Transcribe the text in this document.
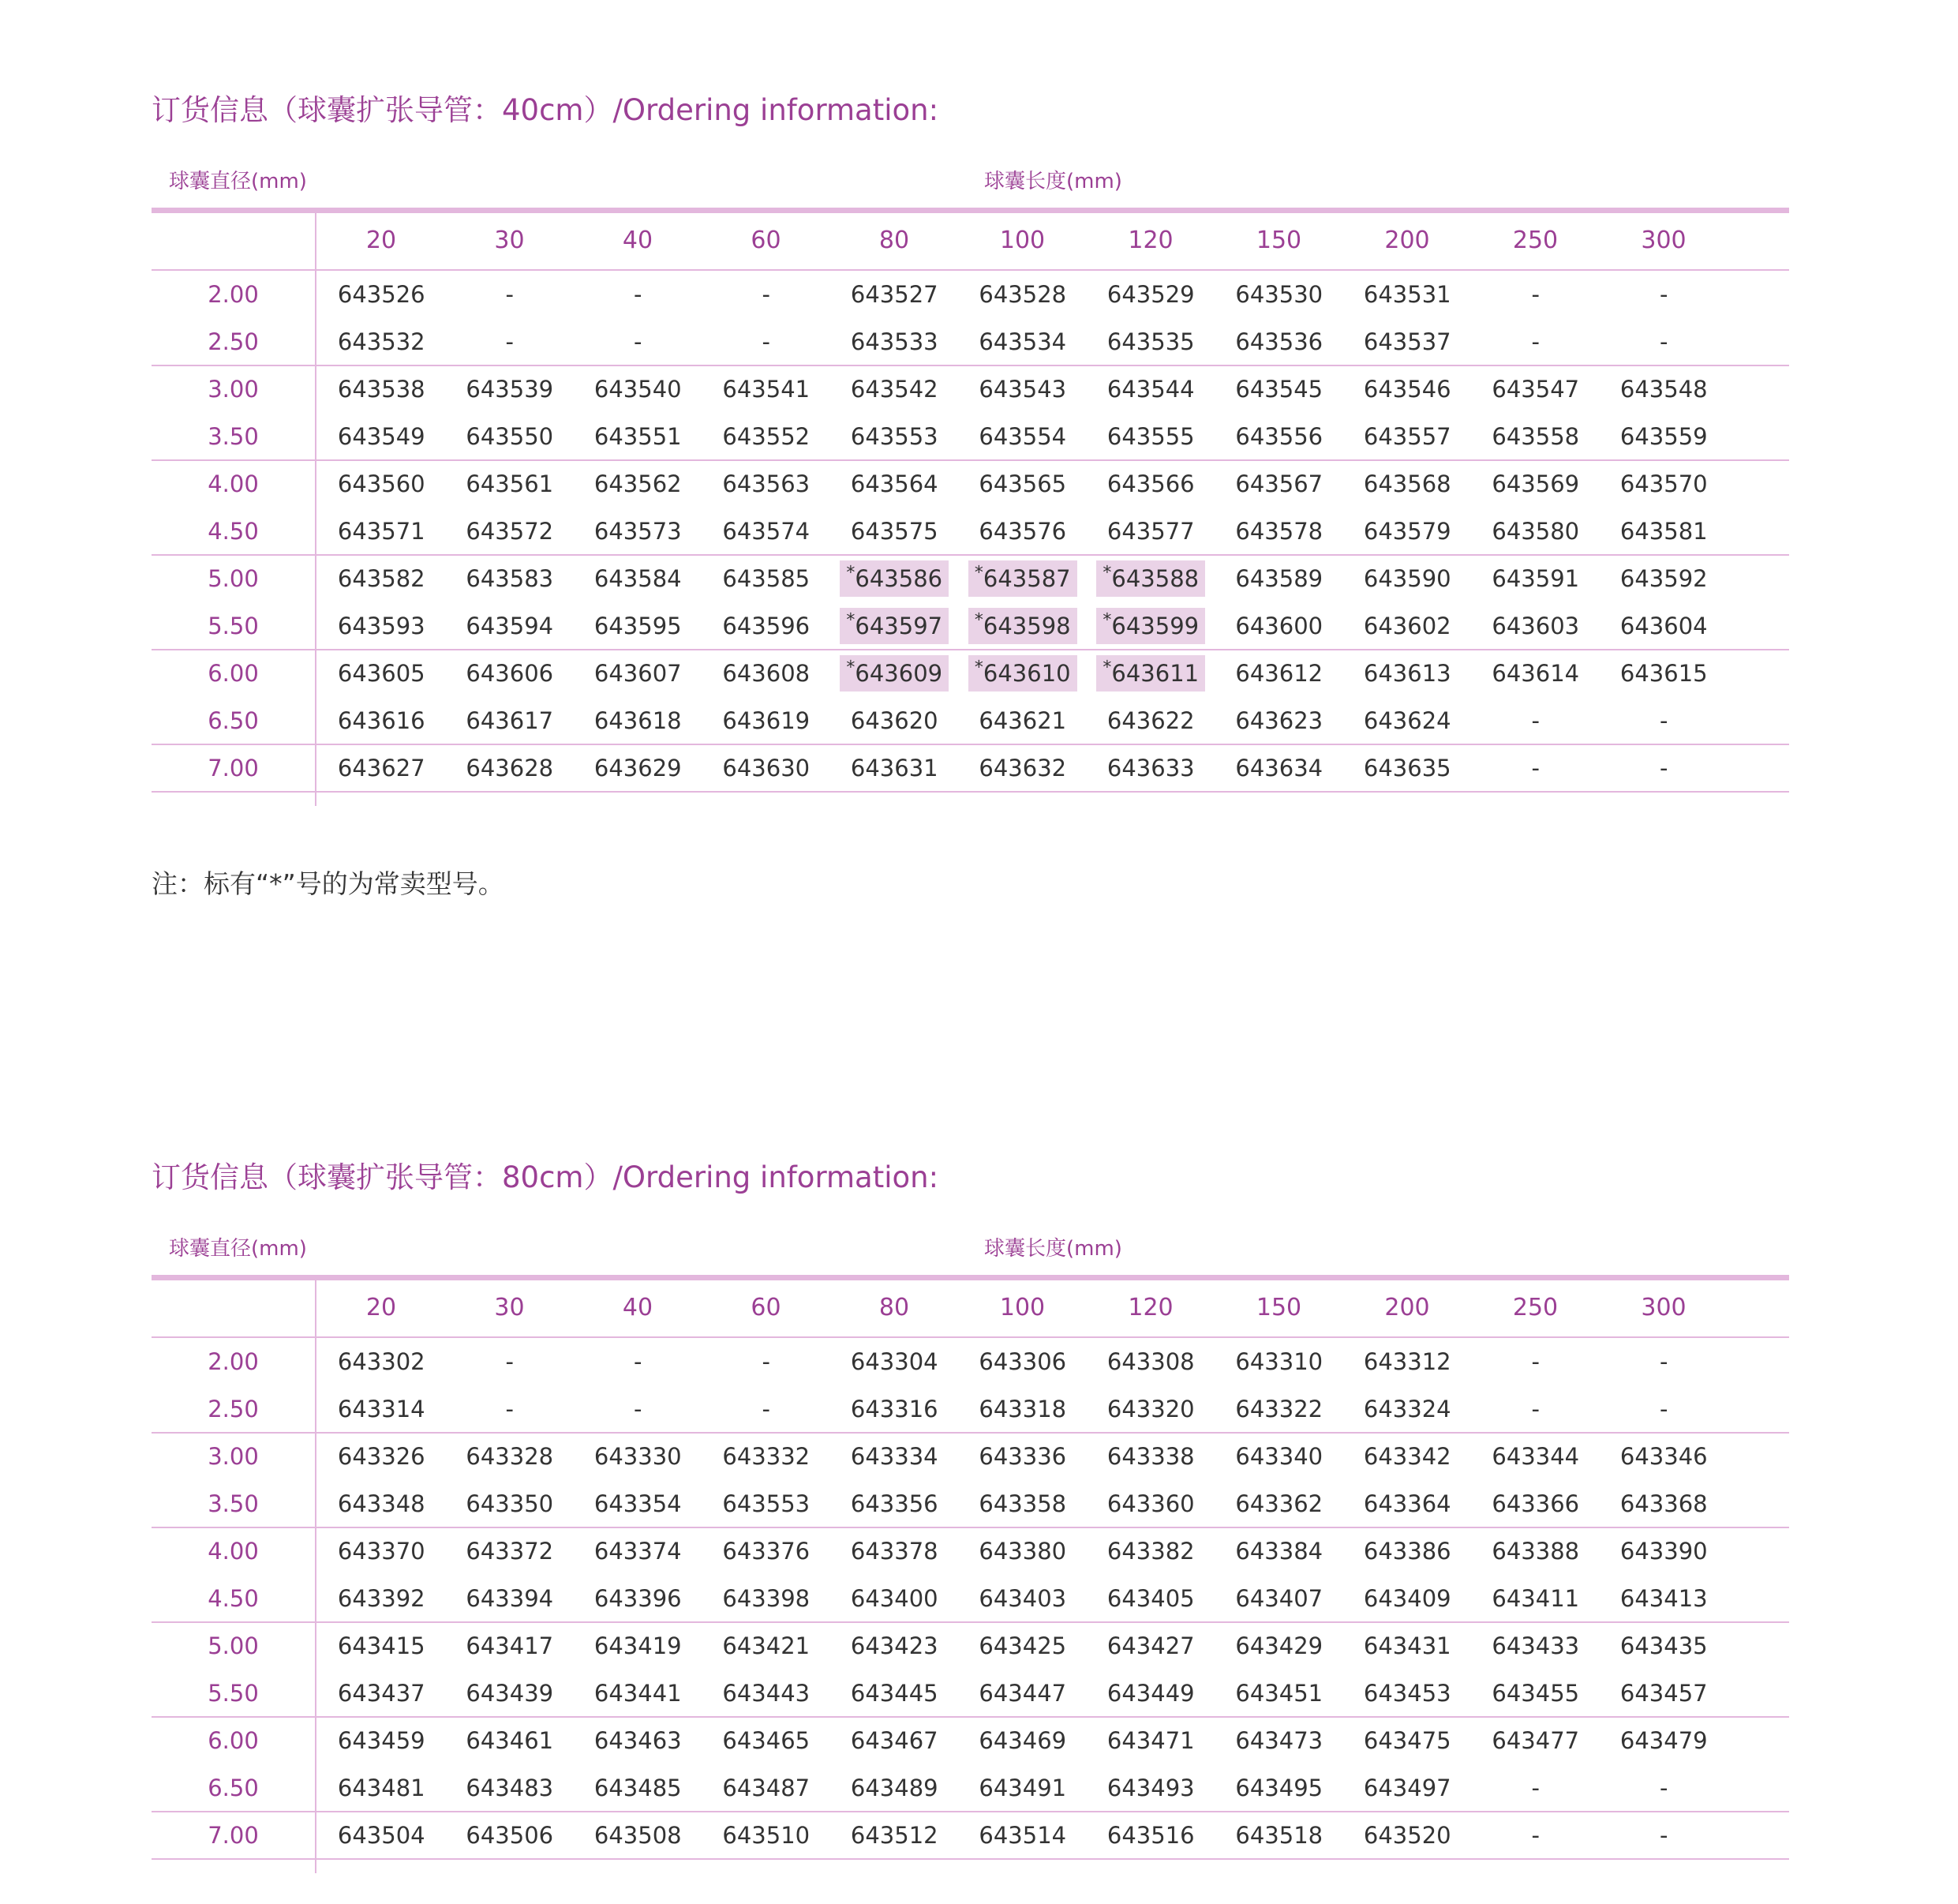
订货信息（球囊扩张导管：40cm）/Ordering information:
球囊直径(mm)	球囊长度(mm)
20	30	40	60	80	100	120	150	200	250	300
2.00	643526	-	-	-	643527	643528	643529	643530	643531	-	-
2.50	643532	-	-	-	643533	643534	643535	643536	643537	-	-
3.00	643538	643539	643540	643541	643542	643543	643544	643545	643546	643547	643548
3.50	643549	643550	643551	643552	643553	643554	643555	643556	643557	643558	643559
4.00	643560	643561	643562	643563	643564	643565	643566	643567	643568	643569	643570
4.50	643571	643572	643573	643574	643575	643576	643577	643578	643579	643580	643581
5.00	643582	643583	643584	643585	*643586	*643587	*643588	643589	643590	643591	643592
5.50	643593	643594	643595	643596	*643597	*643598	*643599	643600	643602	643603	643604
6.00	643605	643606	643607	643608	*643609	*643610	*643611	643612	643613	643614	643615
6.50	643616	643617	643618	643619	643620	643621	643622	643623	643624	-	-
7.00	643627	643628	643629	643630	643631	643632	643633	643634	643635	-	-
注：标有“*”号的为常卖型号。
订货信息（球囊扩张导管：80cm）/Ordering information:
球囊直径(mm)	球囊长度(mm)
20	30	40	60	80	100	120	150	200	250	300
2.00	643302	-	-	-	643304	643306	643308	643310	643312	-	-
2.50	643314	-	-	-	643316	643318	643320	643322	643324	-	-
3.00	643326	643328	643330	643332	643334	643336	643338	643340	643342	643344	643346
3.50	643348	643350	643354	643553	643356	643358	643360	643362	643364	643366	643368
4.00	643370	643372	643374	643376	643378	643380	643382	643384	643386	643388	643390
4.50	643392	643394	643396	643398	643400	643403	643405	643407	643409	643411	643413
5.00	643415	643417	643419	643421	643423	643425	643427	643429	643431	643433	643435
5.50	643437	643439	643441	643443	643445	643447	643449	643451	643453	643455	643457
6.00	643459	643461	643463	643465	643467	643469	643471	643473	643475	643477	643479
6.50	643481	643483	643485	643487	643489	643491	643493	643495	643497	-	-
7.00	643504	643506	643508	643510	643512	643514	643516	643518	643520	-	-
